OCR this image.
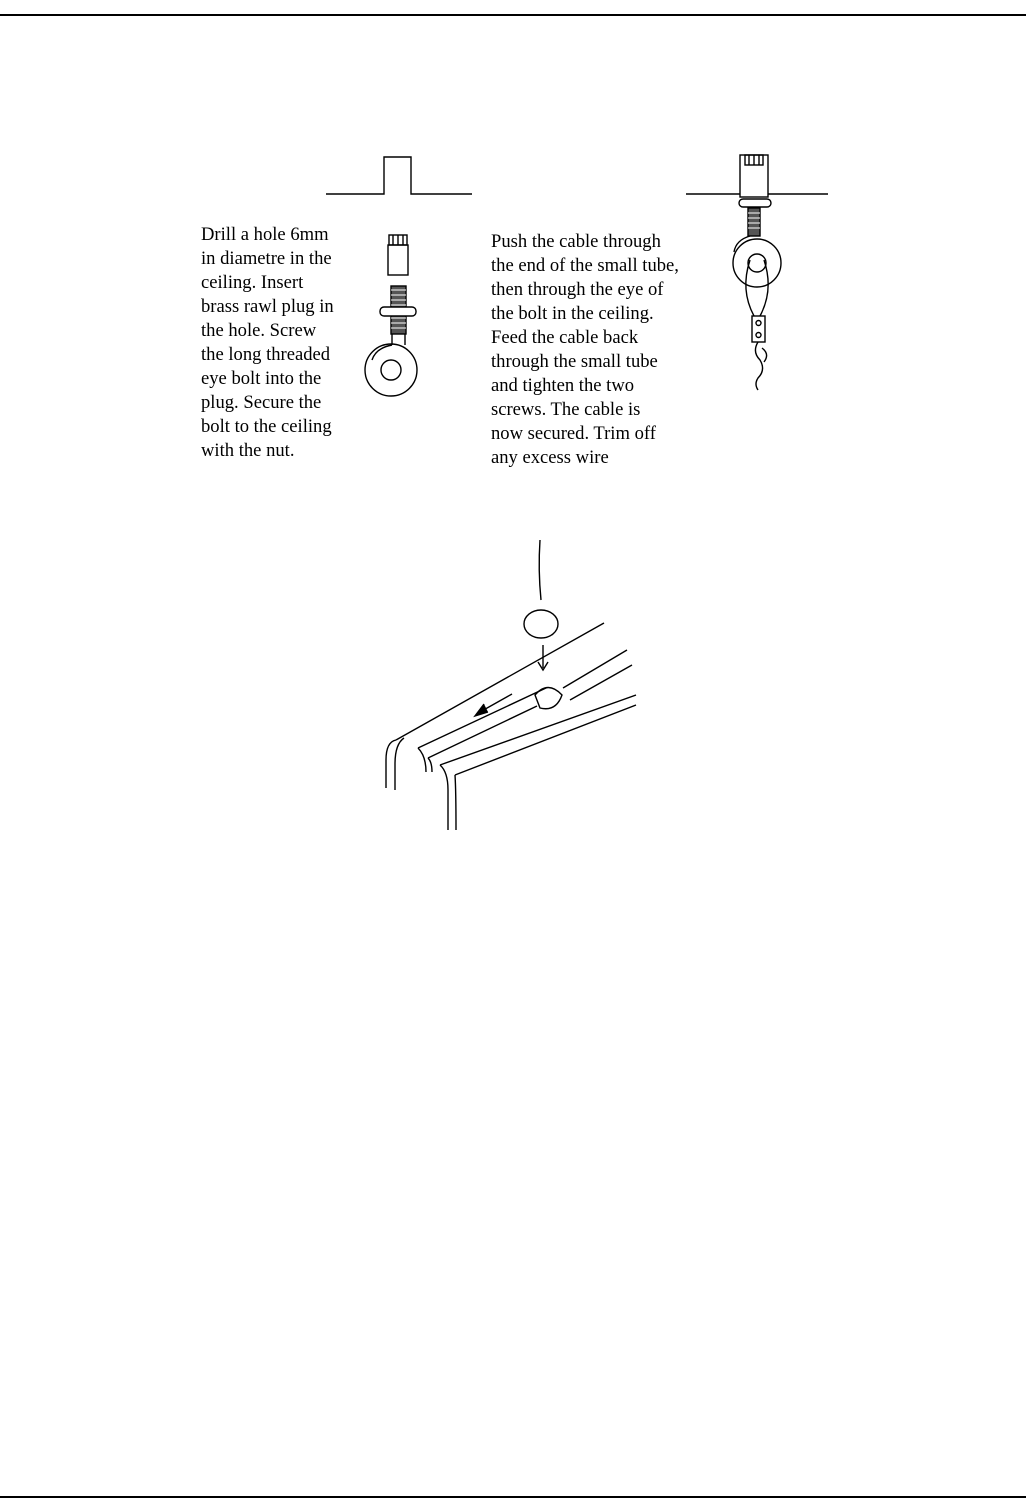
Drill a hole 6mm
in diametre in the
ceiling. Insert
brass rawl plug in
the hole. Screw
the long threaded
eye bolt into the
plug. Secure the
bolt to the ceiling
with the nut.

Push the cable through
the end of the small tube,
then through the eye of
the bolt in the ceiling.
Feed the cable back
through the small tube
and tighten the two
screws. The cable is
now secured. Trim off
any excess wire
